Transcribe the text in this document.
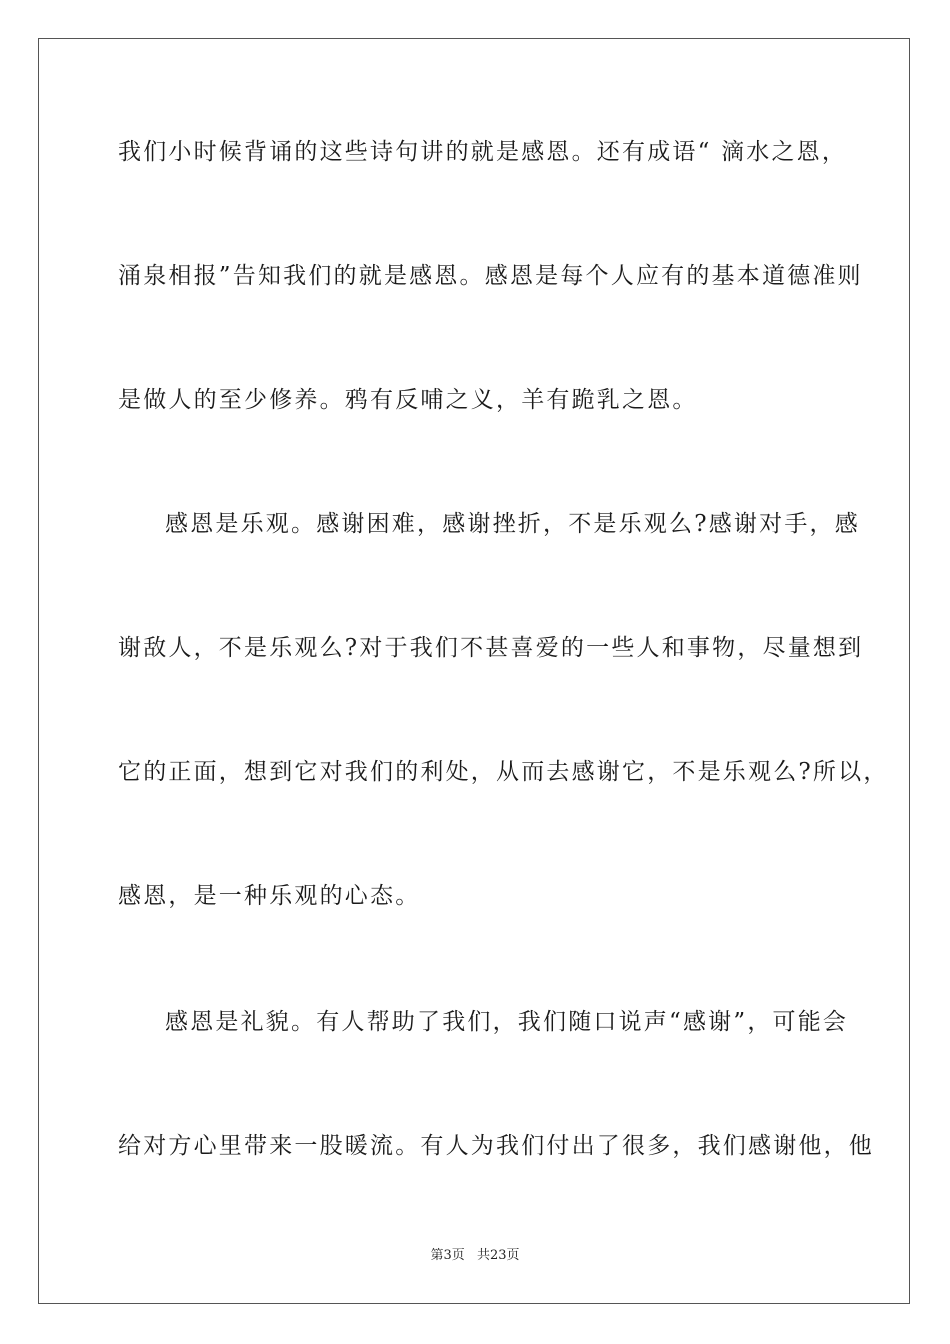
我们小时候背诵的这些诗句讲的就是感恩。还有成语“ 滴水之恩，
涌泉相报”告知我们的就是感恩。感恩是每个人应有的基本道德准则
是做人的至少修养。鸦有反哺之义，羊有跪乳之恩。
感恩是乐观。感谢困难，感谢挫折，不是乐观么?感谢对手，感
谢敌人，不是乐观么?对于我们不甚喜爱的一些人和事物，尽量想到
它的正面，想到它对我们的利处，从而去感谢它，不是乐观么?所以，
感恩，是一种乐观的心态。
感恩是礼貌。有人帮助了我们，我们随口说声“感谢”，可能会
给对方心里带来一股暖流。有人为我们付出了很多，我们感谢他，他
第3页 共23页
